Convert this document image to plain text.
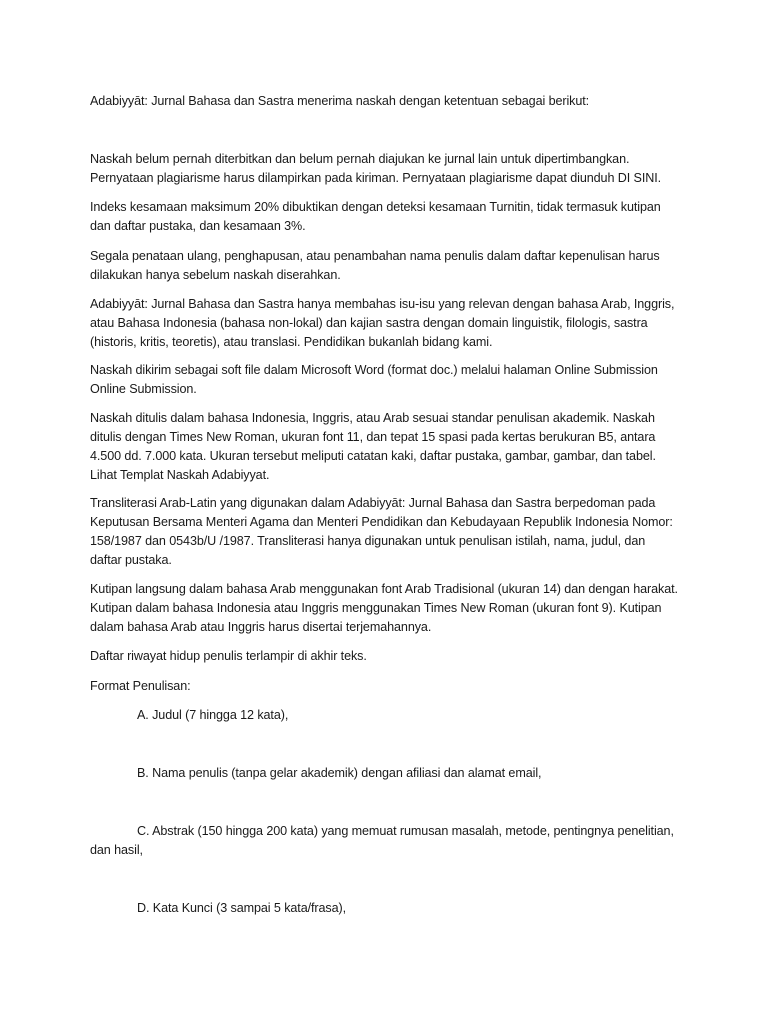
Adabiyyāt: Jurnal Bahasa dan Sastra menerima naskah dengan ketentuan sebagai berikut:

Naskah belum pernah diterbitkan dan belum pernah diajukan ke jurnal lain untuk dipertimbangkan. Pernyataan plagiarisme harus dilampirkan pada kiriman. Pernyataan plagiarisme dapat diunduh DI SINI.

Indeks kesamaan maksimum 20% dibuktikan dengan deteksi kesamaan Turnitin, tidak termasuk kutipan dan daftar pustaka, dan kesamaan 3%.

Segala penataan ulang, penghapusan, atau penambahan nama penulis dalam daftar kepenulisan harus dilakukan hanya sebelum naskah diserahkan.

Adabiyyāt: Jurnal Bahasa dan Sastra hanya membahas isu-isu yang relevan dengan bahasa Arab, Inggris, atau Bahasa Indonesia (bahasa non-lokal) dan kajian sastra dengan domain linguistik, filologis, sastra (historis, kritis, teoretis), atau translasi. Pendidikan bukanlah bidang kami.

Naskah dikirim sebagai soft file dalam Microsoft Word (format doc.) melalui halaman Online Submission Online Submission.

Naskah ditulis dalam bahasa Indonesia, Inggris, atau Arab sesuai standar penulisan akademik. Naskah ditulis dengan Times New Roman, ukuran font 11, dan tepat 15 spasi pada kertas berukuran B5, antara 4.500 dd. 7.000 kata. Ukuran tersebut meliputi catatan kaki, daftar pustaka, gambar, gambar, dan tabel. Lihat Templat Naskah Adabiyyat.

Transliterasi Arab-Latin yang digunakan dalam Adabiyyāt: Jurnal Bahasa dan Sastra berpedoman pada Keputusan Bersama Menteri Agama dan Menteri Pendidikan dan Kebudayaan Republik Indonesia Nomor: 158/1987 dan 0543b/U /1987. Transliterasi hanya digunakan untuk penulisan istilah, nama, judul, dan daftar pustaka.

Kutipan langsung dalam bahasa Arab menggunakan font Arab Tradisional (ukuran 14) dan dengan harakat. Kutipan dalam bahasa Indonesia atau Inggris menggunakan Times New Roman (ukuran font 9). Kutipan dalam bahasa Arab atau Inggris harus disertai terjemahannya.

Daftar riwayat hidup penulis terlampir di akhir teks.

Format Penulisan:

A. Judul (7 hingga 12 kata),

B. Nama penulis (tanpa gelar akademik) dengan afiliasi dan alamat email,

C. Abstrak (150 hingga 200 kata) yang memuat rumusan masalah, metode, pentingnya penelitian, dan hasil,

D. Kata Kunci (3 sampai 5 kata/frasa),
